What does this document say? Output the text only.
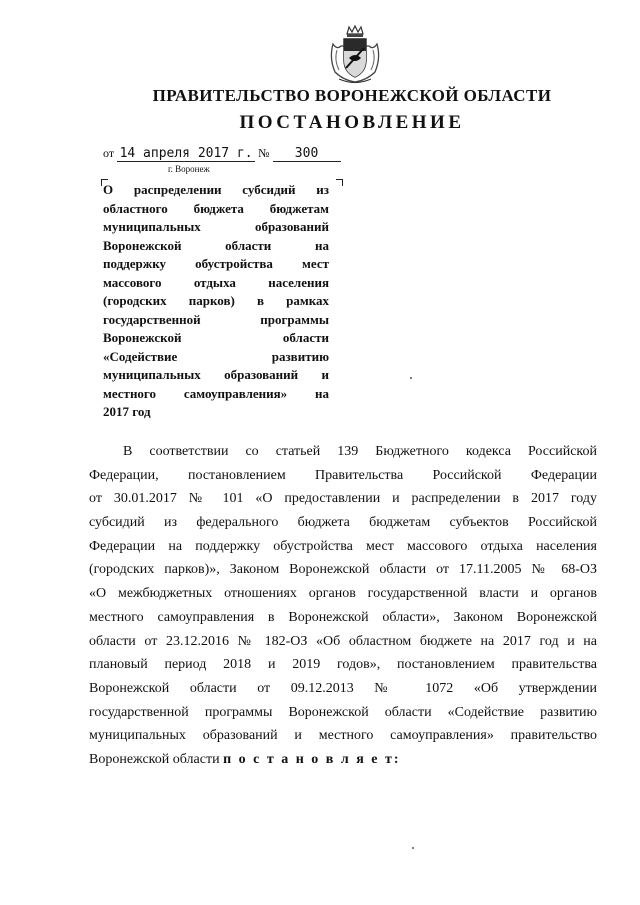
ПРАВИТЕЛЬСТВО ВОРОНЕЖСКОЙ ОБЛАСТИ
ПОСТАНОВЛЕНИЕ
от 14 апреля 2017 г. № 300
г. Воронеж
О распределении субсидий из
областного бюджета бюджетам
муниципальных образований
Воронежской области на
поддержку обустройства мест
массового отдыха населения
(городских парков) в рамках
государственной программы
Воронежской области
«Содействие развитию
муниципальных образований и
местного самоуправления» на
2017 год
В соответствии со статьей 139 Бюджетного кодекса Российской
Федерации, постановлением Правительства Российской Федерации
от 30.01.2017 № 101 «О предоставлении и распределении в 2017 году
субсидий из федерального бюджета бюджетам субъектов Российской
Федерации на поддержку обустройства мест массового отдыха населения
(городских парков)», Законом Воронежской области от 17.11.2005 № 68-ОЗ
«О межбюджетных отношениях органов государственной власти и органов
местного самоуправления в Воронежской области», Законом Воронежской
области от 23.12.2016 № 182-ОЗ «Об областном бюджете на 2017 год и на
плановый период 2018 и 2019 годов», постановлением правительства
Воронежской области от 09.12.2013 № 1072 «Об утверждении
государственной программы Воронежской области «Содействие развитию
муниципальных образований и местного самоуправления» правительство
Воронежской области п о с т а н о в л я е т:
